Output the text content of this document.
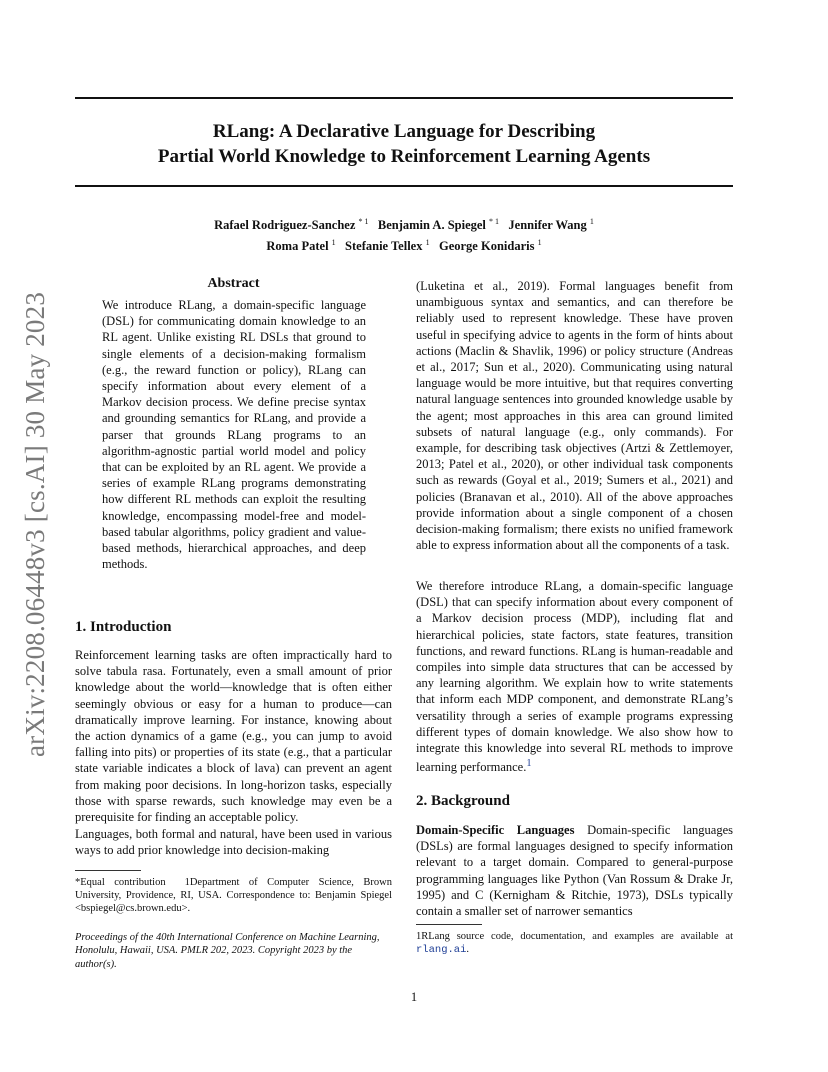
arXiv:2208.06448v3 [cs.AI] 30 May 2023
RLang: A Declarative Language for Describing
Partial World Knowledge to Reinforcement Learning Agents
Rafael Rodriguez-Sanchez $^{* 1}$ Benjamin A. Spiegel $^{* 1}$ Jennifer Wang $^1$
Roma Patel $^1$ Stefanie Tellex $^1$ George Konidaris $^1$
Abstract

We introduce RLang, a domain-specific language (DSL) for communicating domain knowledge to an RL agent. Unlike existing RL DSLs that ground to single elements of a decision-making formalism (e.g., the reward function or policy), RLang can specify information about every element of a Markov decision process. We define precise syntax and grounding semantics for RLang, and provide a parser that grounds RLang programs to an algorithm-agnostic partial world model and policy that can be exploited by an RL agent. We provide a series of example RLang programs demonstrating how different RL methods can exploit the resulting knowledge, encompassing model-free and model-based tabular algorithms, policy gradient and value-based methods, hierarchical approaches, and deep methods.

1. Introduction

Reinforcement learning tasks are often impractically hard to solve tabula rasa. Fortunately, even a small amount of prior knowledge about the world—knowledge that is often either seemingly obvious or easy for a human to produce—can dramatically improve learning. For instance, knowing about the action dynamics of a game (e.g., you can jump to avoid falling into pits) or properties of its state (e.g., that a particular state variable indicates a block of lava) can prevent an agent from making poor decisions. In long-horizon tasks, especially those with sparse rewards, such knowledge may even be a prerequisite for finding an acceptable policy.

Languages, both formal and natural, have been used in various ways to add prior knowledge into decision-making

*Equal contribution 1Department of Computer Science, Brown University, Providence, RI, USA. Correspondence to: Benjamin Spiegel <bspiegel@cs.brown.edu>.

Proceedings of the 40th International Conference on Machine Learning, Honolulu, Hawaii, USA. PMLR 202, 2023. Copyright 2023 by the author(s).

(Luketina et al., 2019). Formal languages benefit from unambiguous syntax and semantics, and can therefore be reliably used to represent knowledge. These have proven useful in specifying advice to agents in the form of hints about actions (Maclin & Shavlik, 1996) or policy structure (Andreas et al., 2017; Sun et al., 2020). Communicating using natural language would be more intuitive, but that requires converting natural language sentences into grounded knowledge usable by the agent; most approaches in this area can ground limited subsets of natural language (e.g., only commands). For example, for describing task objectives (Artzi & Zettlemoyer, 2013; Patel et al., 2020), or other individual task components such as rewards (Goyal et al., 2019; Sumers et al., 2021) and policies (Branavan et al., 2010). All of the above approaches provide information about a single component of a chosen decision-making formalism; there exists no unified framework able to express information about all the components of a task.

We therefore introduce RLang, a domain-specific language (DSL) that can specify information about every component of a Markov decision process (MDP), including flat and hierarchical policies, state factors, state features, transition functions, and reward functions. RLang is human-readable and compiles into simple data structures that can be accessed by any learning algorithm. We explain how to write statements that inform each MDP component, and demonstrate RLang’s versatility through a series of example programs expressing different types of domain knowledge. We also show how to integrate this knowledge into several RL methods to improve learning performance.$^1$

2. Background

Domain-Specific Languages Domain-specific languages (DSLs) are formal languages designed to specify information relevant to a target domain. Compared to general-purpose programming languages like Python (Van Rossum & Drake Jr, 1995) and C (Kernigham & Ritchie, 1973), DSLs typically contain a smaller set of narrower semantics

1RLang source code, documentation, and examples are available at rlang.ai.

1
